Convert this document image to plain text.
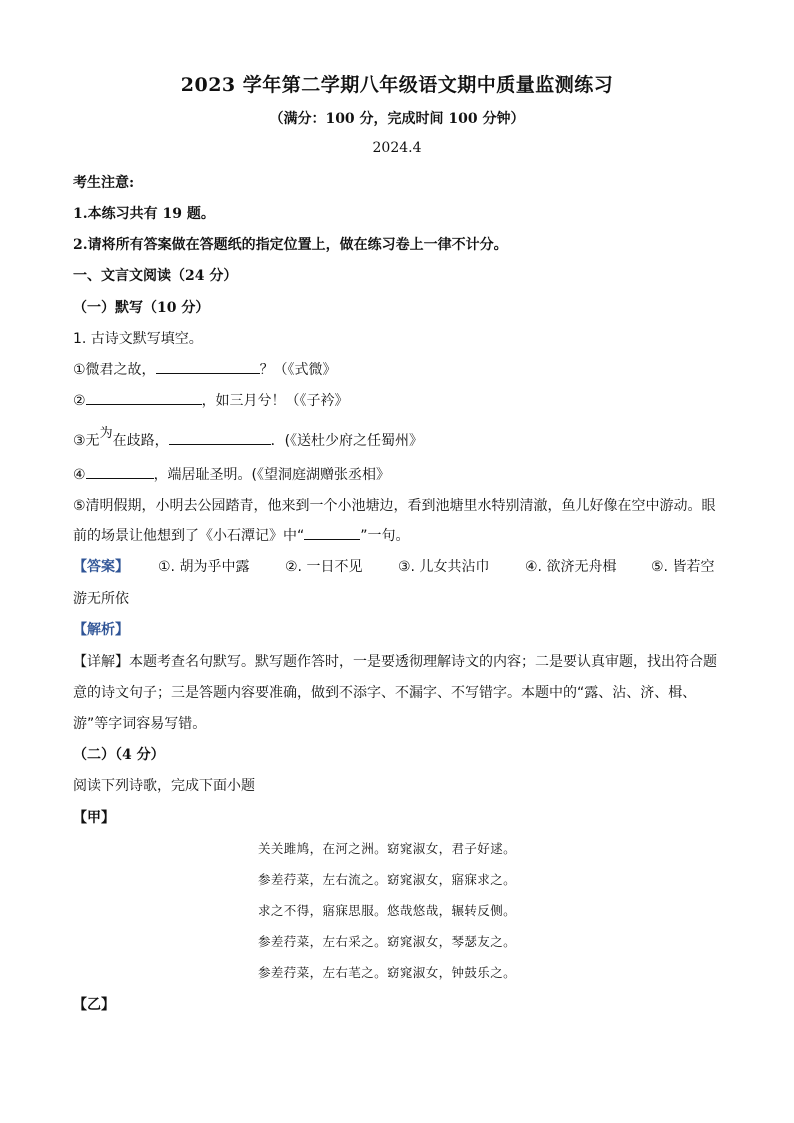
2023 学年第二学期八年级语文期中质量监测练习
（满分：100 分，完成时间 100 分钟）
2024.4
考生注意:
1.本练习共有 19 题。
2.请将所有答案做在答题纸的指定位置上，做在练习卷上一律不计分。
一、文言文阅读（24 分）
（一）默写（10 分）
1. 古诗文默写填空。
①微君之故，	？（《式微》
②	，如三月兮！（《子衿》
③无为在歧路，	．(《送杜少府之任蜀州》
④	，端居耻圣明。(《望洞庭湖赠张丞相》
⑤清明假期，小明去公园踏青，他来到一个小池塘边，看到池塘里水特别清澈，鱼儿好像在空中游动。眼
前的场景让他想到了《小石潭记》中“	”一句。
【答案】 ①. 胡为乎中露	②. 一日不见	③. 儿女共沾巾	④. 欲济无舟楫 ⑤. 皆若空
游无所依
【解析】
【详解】本题考查名句默写。默写题作答时，一是要透彻理解诗文的内容；二是要认真审题，找出符合题
意的诗文句子；三是答题内容要准确，做到不添字、不漏字、不写错字。本题中的“露、沾、济、楫、
游”等字词容易写错。
（二）（4 分）
阅读下列诗歌，完成下面小题
【甲】
关关雎鸠，在河之洲。窈窕淑女，君子好逑。
参差荇菜，左右流之。窈窕淑女，寤寐求之。
求之不得，寤寐思服。悠哉悠哉，辗转反侧。
参差荇菜，左右采之。窈窕淑女，琴瑟友之。
参差荇菜，左右芼之。窈窕淑女，钟鼓乐之。
【乙】
